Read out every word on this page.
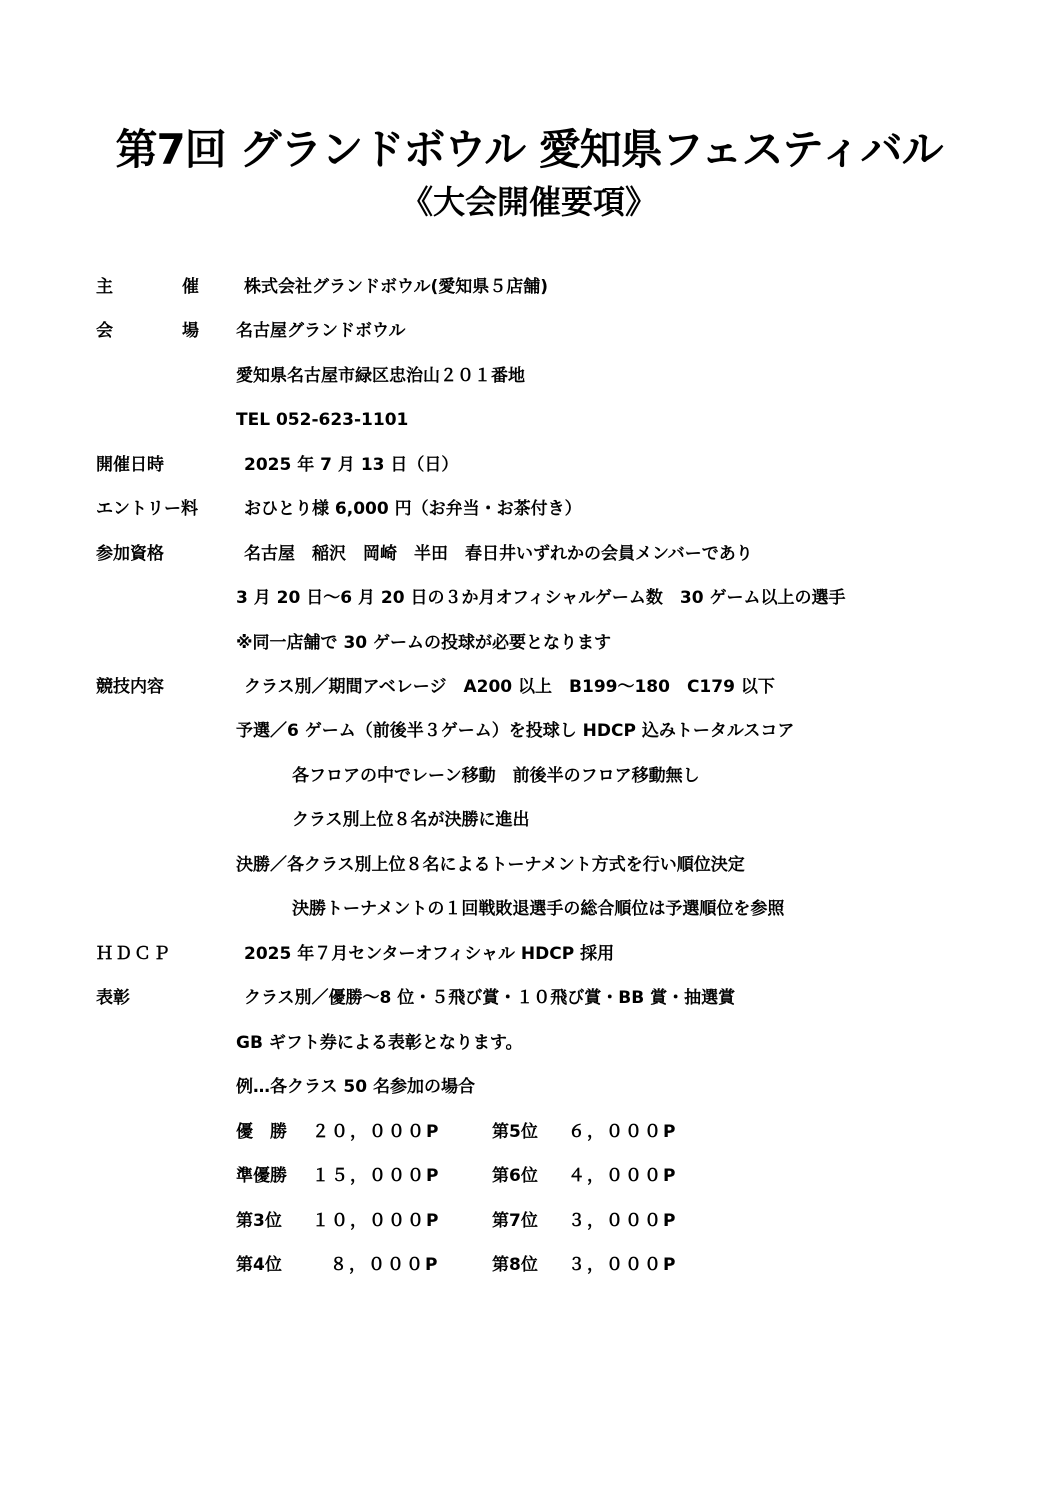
第7回 グランドボウル 愛知県フェスティバル
《大会開催要項》
主　催 株式会社グランドボウル(愛知県５店舗)
会　場 名古屋グランドボウル
愛知県名古屋市緑区忠治山２０１番地
TEL 052-623-1101
開催日時	2025 年 7 月 13 日（日）
エントリー料	おひとり様 6,000 円（お弁当・お茶付き）
参加資格	名古屋　稲沢　岡崎　半田　春日井いずれかの会員メンバーであり
3 月 20 日～6 月 20 日の３か月オフィシャルゲーム数　30 ゲーム以上の選手
※同一店舗で 30 ゲームの投球が必要となります
競技内容	クラス別／期間アベレージ　A200 以上　B199～180　C179 以下
予選／6 ゲーム（前後半３ゲーム）を投球し HDCP 込みトータルスコア
各フロアの中でレーン移動　前後半のフロア移動無し
クラス別上位８名が決勝に進出
決勝／各クラス別上位８名によるトーナメント方式を行い順位決定
決勝トーナメントの１回戦敗退選手の総合順位は予選順位を参照
ＨＤＣＰ	2025 年７月センターオフィシャル HDCP 採用
表彰	クラス別／優勝～8 位・５飛び賞・１０飛び賞・BB 賞・抽選賞
GB ギフト券による表彰となります。
例…各クラス 50 名参加の場合
優　勝	２０，０００P	第5位	６，０００P
準優勝	１５，０００P	第6位	４，０００P
第3位	１０，０００P	第7位	３，０００P
第4位	８，０００P	第8位	３，０００P
